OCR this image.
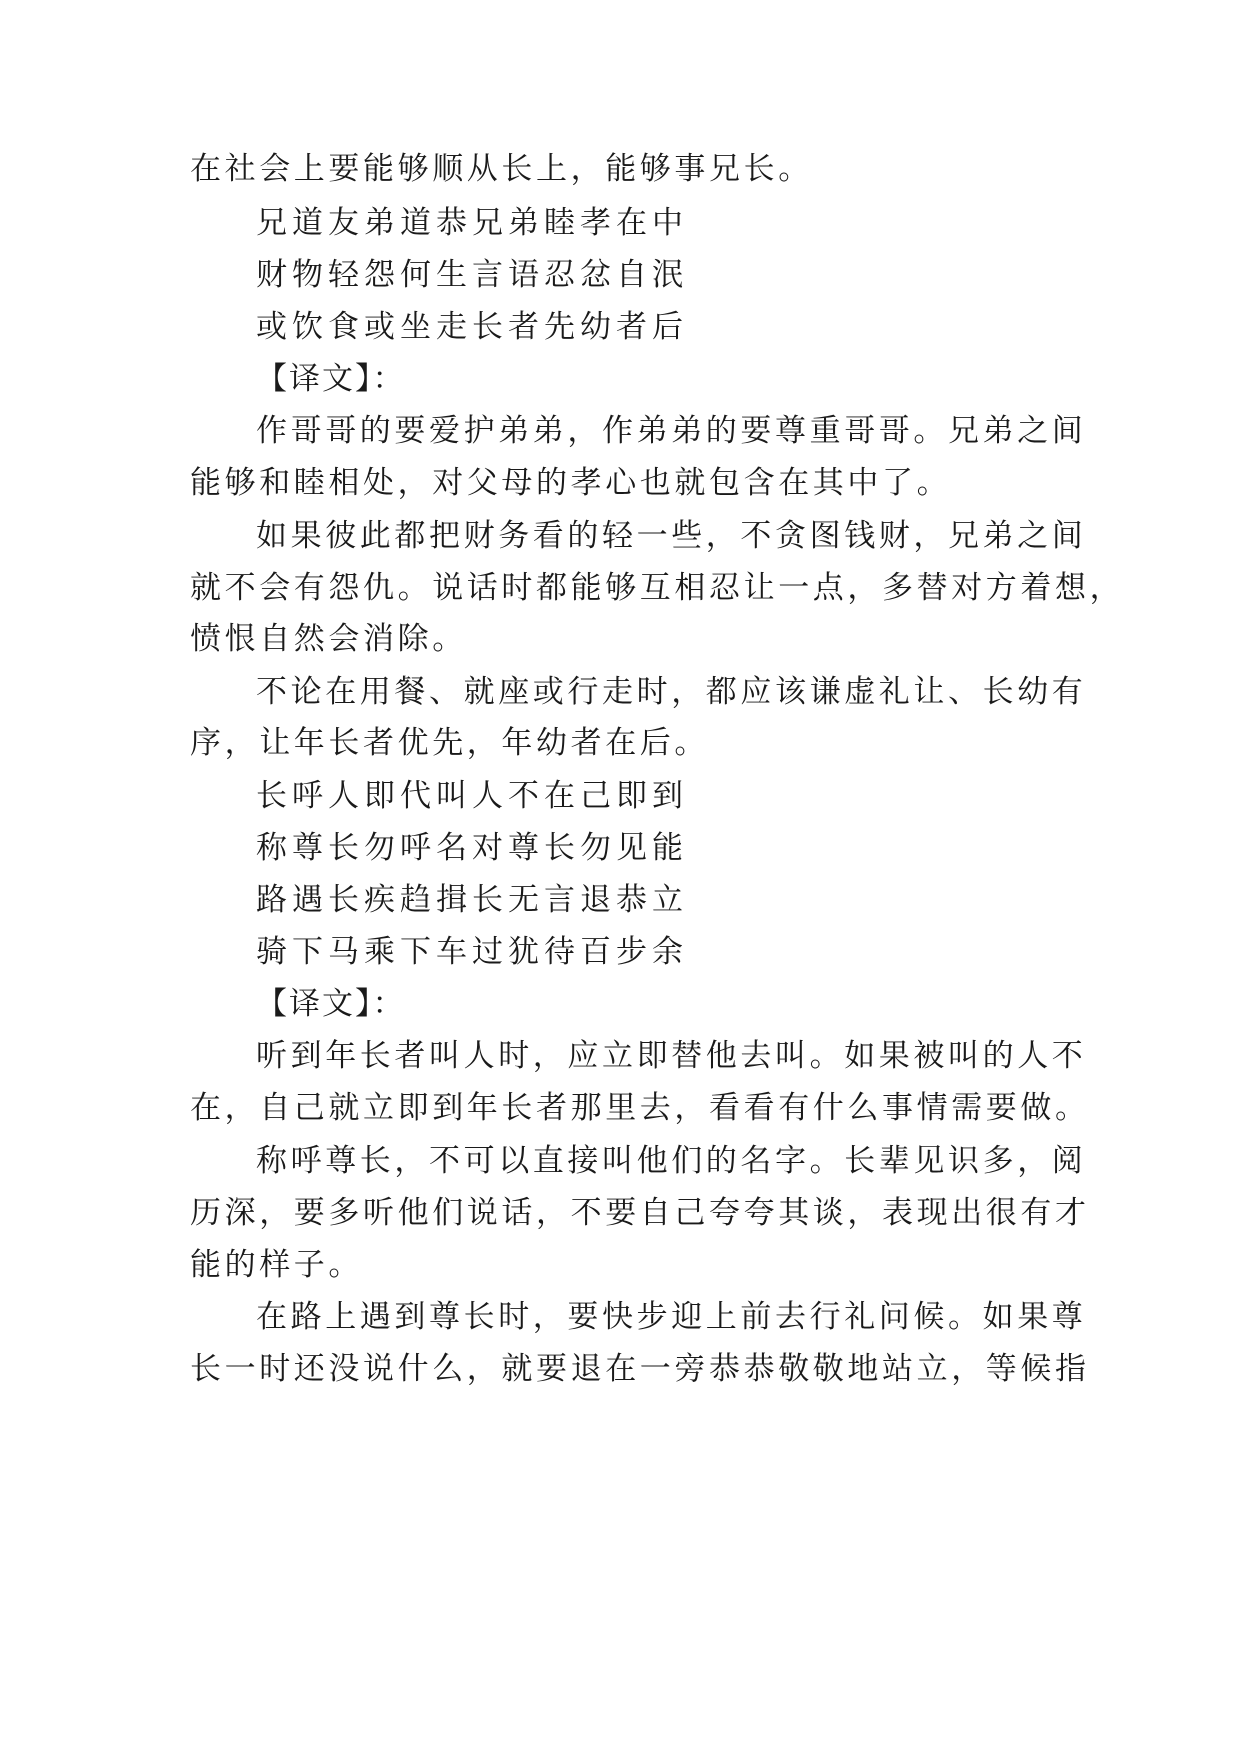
在社会上要能够顺从长上，能够事兄长。
兄道友弟道恭兄弟睦孝在中
财物轻怨何生言语忍忿自泯
或饮食或坐走长者先幼者后
【译文】：
作哥哥的要爱护弟弟，作弟弟的要尊重哥哥。兄弟之间
能够和睦相处，对父母的孝心也就包含在其中了。
如果彼此都把财务看的轻一些，不贪图钱财，兄弟之间
就不会有怨仇。说话时都能够互相忍让一点，多替对方着想，
愤恨自然会消除。
不论在用餐、就座或行走时，都应该谦虚礼让、长幼有
序，让年长者优先，年幼者在后。
长呼人即代叫人不在己即到
称尊长勿呼名对尊长勿见能
路遇长疾趋揖长无言退恭立
骑下马乘下车过犹待百步余
【译文】：
听到年长者叫人时，应立即替他去叫。如果被叫的人不
在，自己就立即到年长者那里去，看看有什么事情需要做。
称呼尊长，不可以直接叫他们的名字。长辈见识多，阅
历深，要多听他们说话，不要自己夸夸其谈，表现出很有才
能的样子。
在路上遇到尊长时，要快步迎上前去行礼问候。如果尊
长一时还没说什么，就要退在一旁恭恭敬敬地站立，等候指
